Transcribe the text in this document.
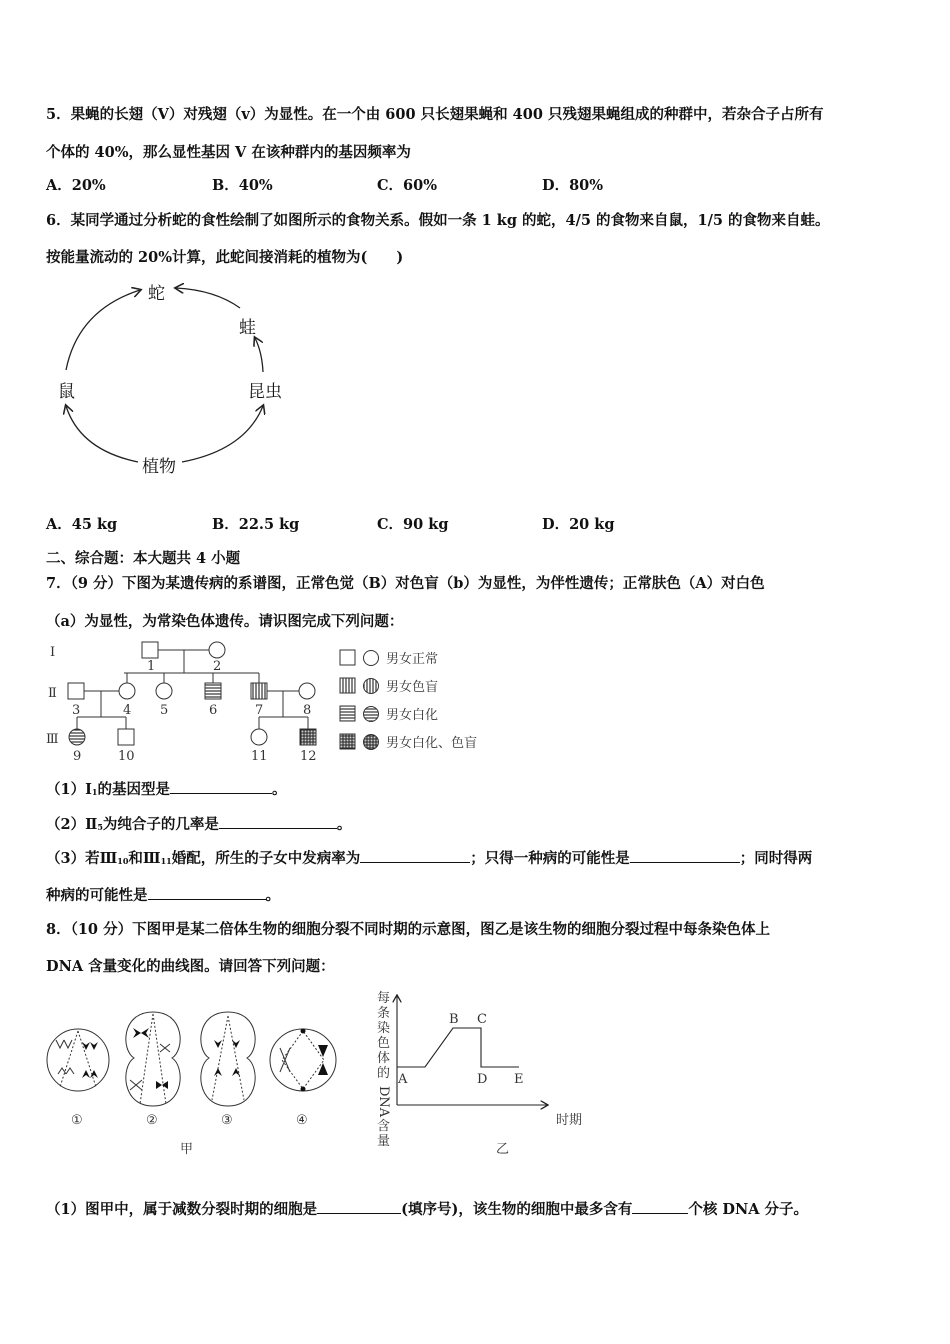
5．果蝇的长翅（V）对残翅（v）为显性。在一个由 600 只长翅果蝇和 400 只残翅果蝇组成的种群中，若杂合子占所有
个体的 40%，那么显性基因 V 在该种群内的基因频率为
A．20%	B．40%	C．60%	D．80%
6．某同学通过分析蛇的食性绘制了如图所示的食物关系。假如一条 1 kg 的蛇，4/5 的食物来自鼠，1/5 的食物来自蛙。
按能量流动的 20%计算，此蛇间接消耗的植物为(　　)
Ⅰ
Ⅱ
Ⅲ
1	2
3	4 5	6	7	8
9	10	11 12
男女正常
男女色盲
男女白化
男女白化、色盲
①	②	③	④
甲	乙
每
条
染
色
体
的
DNA
含
量
A
B C
D E
时期
蛇
蛙
鼠	昆虫
植物
A．45 kg	B．22.5 kg	C．90 kg	D．20 kg
二、综合题：本大题共 4 小题
7．（9 分）下图为某遗传病的系谱图，正常色觉（B）对色盲（b）为显性，为伴性遗传；正常肤色（A）对白色
（a）为显性，为常染色体遗传。请识图完成下列问题：
$(1)Ⅰ_1$的基因型是	。
$(2)Ⅱ_5$为纯合子的几率是	。
（3）若$Ⅲ_{10}$和$Ⅲ_{11}$婚配，所生的子女中发病率为	；只得一种病的可能性是	；同时得两
种病的可能性是	。
8．（10 分）下图甲是某二倍体生物的细胞分裂不同时期的示意图，图乙是该生物的细胞分裂过程中每条染色体上
DNA 含量变化的曲线图。请回答下列问题：
（1）图甲中，属于减数分裂时期的细胞是	(填序号)，该生物的细胞中最多含有	个核 DNA 分子。
